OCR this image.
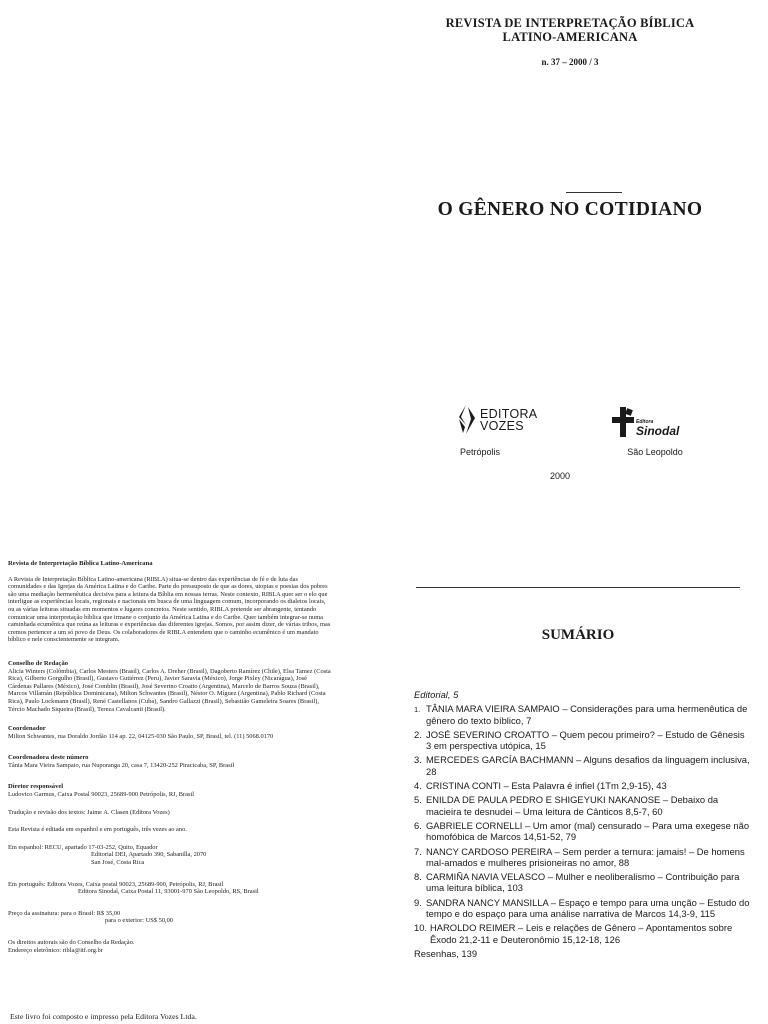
REVISTA DE INTERPRETAÇÃO BÍBLICA
LATINO-AMERICANA
n. 37 – 2000 / 3
O GÊNERO NO COTIDIANO
EDITORA
VOZES
Petrópolis
Editora
Sinodal
São Leopoldo
2000

Revista de Interpretação Bíblica Latino-Americana

A Revista de Interpretação Bíblica Latino-americana (RIBLA) situa-se dentro das experiências de fé e de luta das comunidades e das Igrejas da América Latina e do Caribe. Parte do pressuposto de que as dores, utopias e poesias dos pobres são uma mediação hermenêutica decisiva para a leitura da Bíblia em nossas terras. Neste contexto, RIBLA quer ser o elo que interligue as experiências locais, regionais e nacionais em busca de uma linguagem comum, incorporando os dialetos locais, ou as várias leituras situadas em momentos e lugares concretos. Neste sentido, RIBLA pretende ser abrangente, tentando comunicar uma interpretação bíblica que irmane o conjunto da América Latina e do Caribe. Quer também integrar-se numa caminhada ecumênica que reúna as leituras e experiências das diferentes igrejas. Somos, por assim dizer, de várias tribos, mas cremos pertencer a um só povo de Deus. Os colaboradores de RIBLA entendem que o caminho ecumênico é um mandato bíblico e nele conscientemente se integram.

Conselho de Redação

Alicia Winters (Colômbia), Carlos Mesters (Brasil), Carlos A. Dreher (Brasil), Dagoberto Ramírez (Chile), Elsa Tamez (Costa Rica), Gilberto Gorgulho (Brasil), Gustavo Gutiérrez (Peru), Javier Saravia (México), Jorge Pixley (Nicarágua), José Cárdenas Pallares (México), José Comblin (Brasil), José Severino Croatto (Argentina), Marcelo de Barros Souza (Brasil), Marcos Villamán (República Dominicana), Milton Schwantes (Brasil), Néstor O. Míguez (Argentina), Pablo Richard (Costa Rica), Paulo Lockmann (Brasil), René Castellanos (Cuba), Sandro Gallazzi (Brasil), Sebastião Gameleira Soares (Brasil), Tércio Machado Siqueira (Brasil), Tereza Cavalcanti (Brasil).

Coordenador

Milton Schwantes, rua Doraldo Jordão 114 ap. 22, 04125-030 São Paulo, SP, Brasil, tel. (11) 5068.0170

Coordenadora deste número

Tânia Mara Vieira Sampaio, rua Nuporanga 20, casa 7, 13420-252 Piracicaba, SP, Brasil

Diretor responsável

Ludovico Garmus, Caixa Postal 90023, 25689-900 Petrópolis, RJ, Brasil

Tradução e revisão dos textos: Jaime A. Clasen (Editora Vozes)

Esta Revista é editada em espanhol e em português, três vezes ao ano.

Em espanhol: RECU, apartado 17-03-252, Quito, Equador

Editorial DEI, Apartado 390, Sabanilla, 2070

San José, Costa Rica

Em português: Editora Vozes, Caixa postal 90023, 25689-900, Petrópolis, RJ, Brasil

Editora Sinodal, Caixa Postal 11, 93001-970 São Leopoldo, RS, Brasil

Preço da assinatura: para o Brasil: R$ 35,00

para o exterior: US$ 50,00

Os direitos autorais são do Conselho da Redação.

Endereço eletrônico: ribla@itf.org.br

Este livro foi composto e impresso pela Editora Vozes Ltda.
SUMÁRIO
Editorial, 5
1. TÂNIA MARA VIEIRA SAMPAIO – Considerações para uma hermenêutica de gênero do texto bíblico, 7
2. JOSÉ SEVERINO CROATTO – Quem pecou primeiro? – Estudo de Gênesis 3 em perspectiva utópica, 15
3. MERCEDES GARCÍA BACHMANN – Alguns desafios da linguagem inclusiva, 28
4. CRISTINA CONTI – Esta Palavra é infiel (1Tm 2,9-15), 43
5. ENILDA DE PAULA PEDRO E SHIGEYUKI NAKANOSE – Debaixo da macieira te desnudei – Uma leitura de Cânticos 8,5-7, 60
6. GABRIELE CORNELLI – Um amor (mal) censurado – Para uma exegese não homofóbica de Marcos 14,51-52, 79
7. NANCY CARDOSO PEREIRA – Sem perder a ternura: jamais! – De homens mal-amados e mulheres prisioneiras no amor, 88
8. CARMIÑA NAVIA VELASCO – Mulher e neoliberalismo – Contribuição para uma leitura bíblica, 103
9. SANDRA NANCY MANSILLA – Espaço e tempo para uma unção – Estudo do tempo e do espaço para uma análise narrativa de Marcos 14,3-9, 115
10. HAROLDO REIMER – Leis e relações de Gênero – Apontamentos sobre Êxodo 21,2-11 e Deuteronômio 15,12-18, 126
Resenhas, 139
